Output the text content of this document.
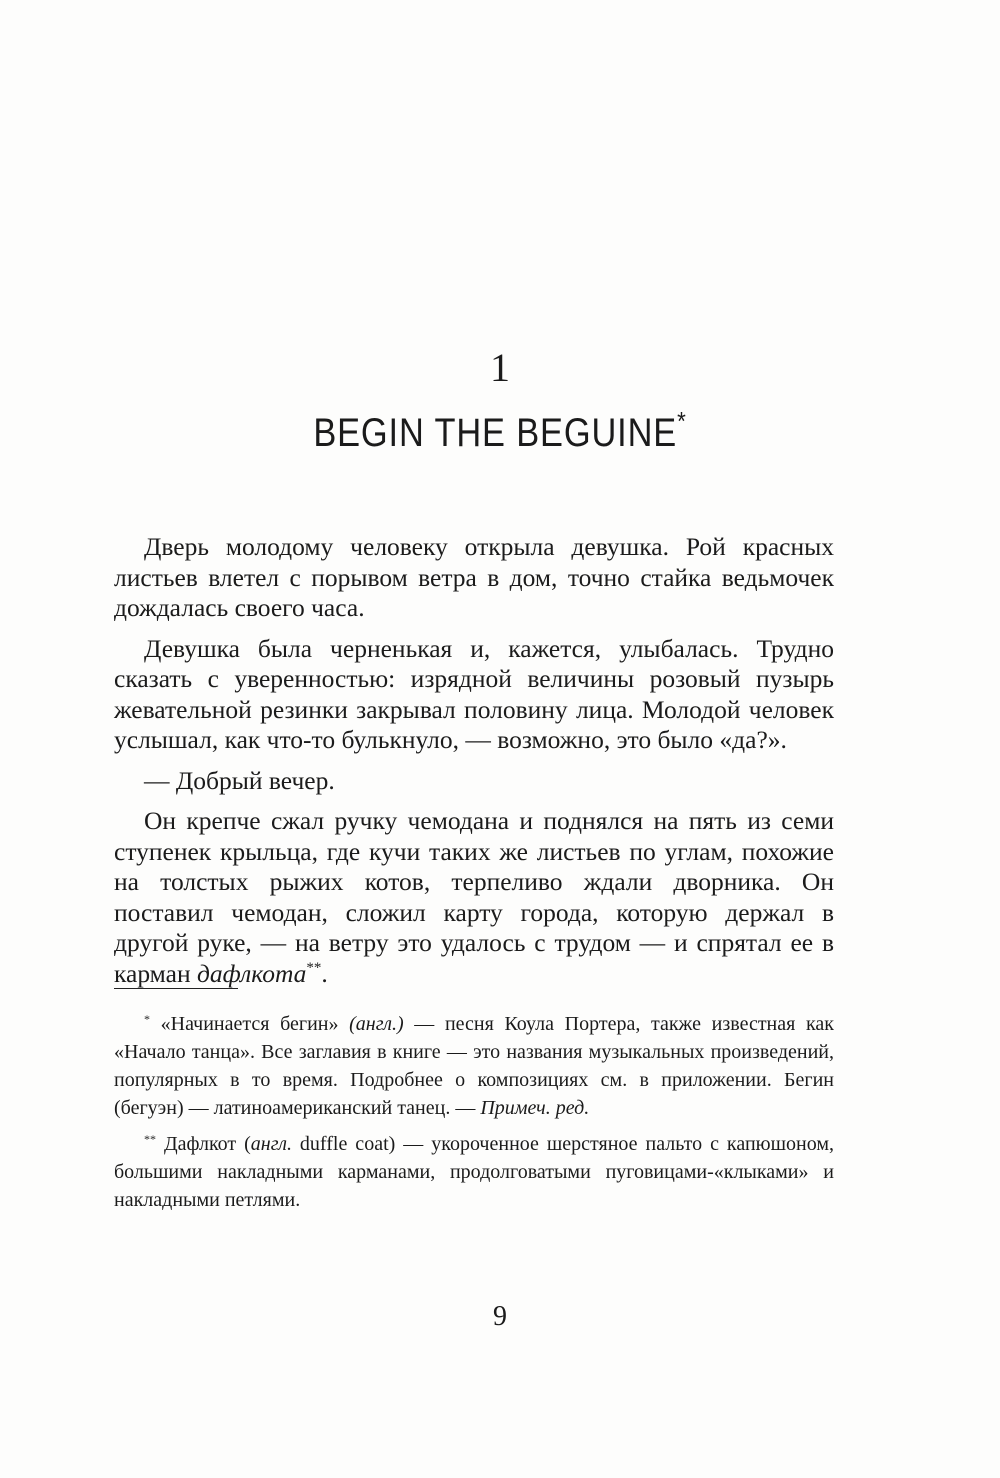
1
BEGIN THE BEGUINE*

Дверь молодому человеку открыла девушка. Рой красных листьев влетел с порывом ветра в дом, точно стайка ведьмочек дождалась своего часа.

Девушка была черненькая и, кажется, улыбалась. Трудно сказать с уверенностью: изрядной величины розовый пузырь жевательной резинки закрывал половину лица. Молодой человек услышал, как что-то булькнуло, — возможно, это было «да?».

— Добрый вечер.

Он крепче сжал ручку чемодана и поднялся на пять из семи ступенек крыльца, где кучи таких же листьев по углам, похожие на толстых рыжих котов, терпеливо ждали дворника. Он поставил чемодан, сложил карту города, которую держал в другой руке, — на ветру это удалось с трудом — и спрятал ее в карман дафлкота**.

* «Начинается бегин» (англ.) — песня Коула Портера, также известная как «Начало танца». Все заглавия в книге — это названия музыкальных произведений, популярных в то время. Подробнее о композициях см. в приложении. Бегин (бегуэн) — латиноамериканский танец. — Примеч. ред.

** Дафлкот (англ. duffle coat) — укороченное шерстяное пальто с капюшоном, большими накладными карманами, продолговатыми пуговицами-«клыками» и накладными петлями.

9
